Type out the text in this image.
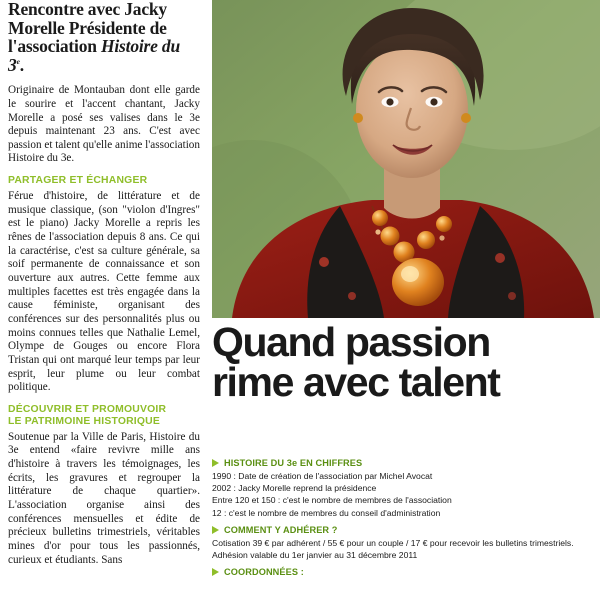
Rencontre avec Jacky
Morelle Présidente de
l'association Histoire du 3e.

Originaire de Montauban dont elle garde le sourire et l'accent chantant, Jacky Morelle a posé ses valises dans le 3e depuis maintenant 23 ans. C'est avec passion et talent qu'elle anime l'association Histoire du 3e.

PARTAGER ET ÉCHANGER

Férue d'histoire, de littérature et de musique classique, (son "violon d'Ingres" est le piano) Jacky Morelle a repris les rênes de l'association depuis 8 ans. Ce qui la caractérise, c'est sa culture générale, sa soif permanente de connaissance et son ouverture aux autres. Cette femme aux multiples facettes est très engagée dans la cause féministe, organisant des conférences sur des personnalités plus ou moins connues telles que Nathalie Lemel, Olympe de Gouges ou encore Flora Tristan qui ont marqué leur temps par leur esprit, leur plume ou leur combat politique.

DÉCOUVRIR ET PROMOUVOIR
LE PATRIMOINE HISTORIQUE

Soutenue par la Ville de Paris, Histoire du 3e entend «faire revivre mille ans d'histoire à travers les témoignages, les écrits, les gravures et regrouper la littérature de chaque quartier». L'association organise ainsi des conférences mensuelles et édite de précieux bulletins trimestriels, véritables mines d'or pour tous les passionnés, curieux et étudiants. Sans

Quand passion
rime avec talent
HISTOIRE DU 3e EN CHIFFRES

1990 : Date de création de l'association par Michel Avocat

2002 : Jacky Morelle reprend la présidence

Entre 120 et 150 : c'est le nombre de membres de l'association

12 : c'est le nombre de membres du conseil d'administration

COMMENT Y ADHÉRER ?

Cotisation 39 € par adhérent / 55 € pour un couple / 17 € pour recevoir les bulletins trimestriels.

Adhésion valable du 1er janvier au 31 décembre 2011

COORDONNÉES :
